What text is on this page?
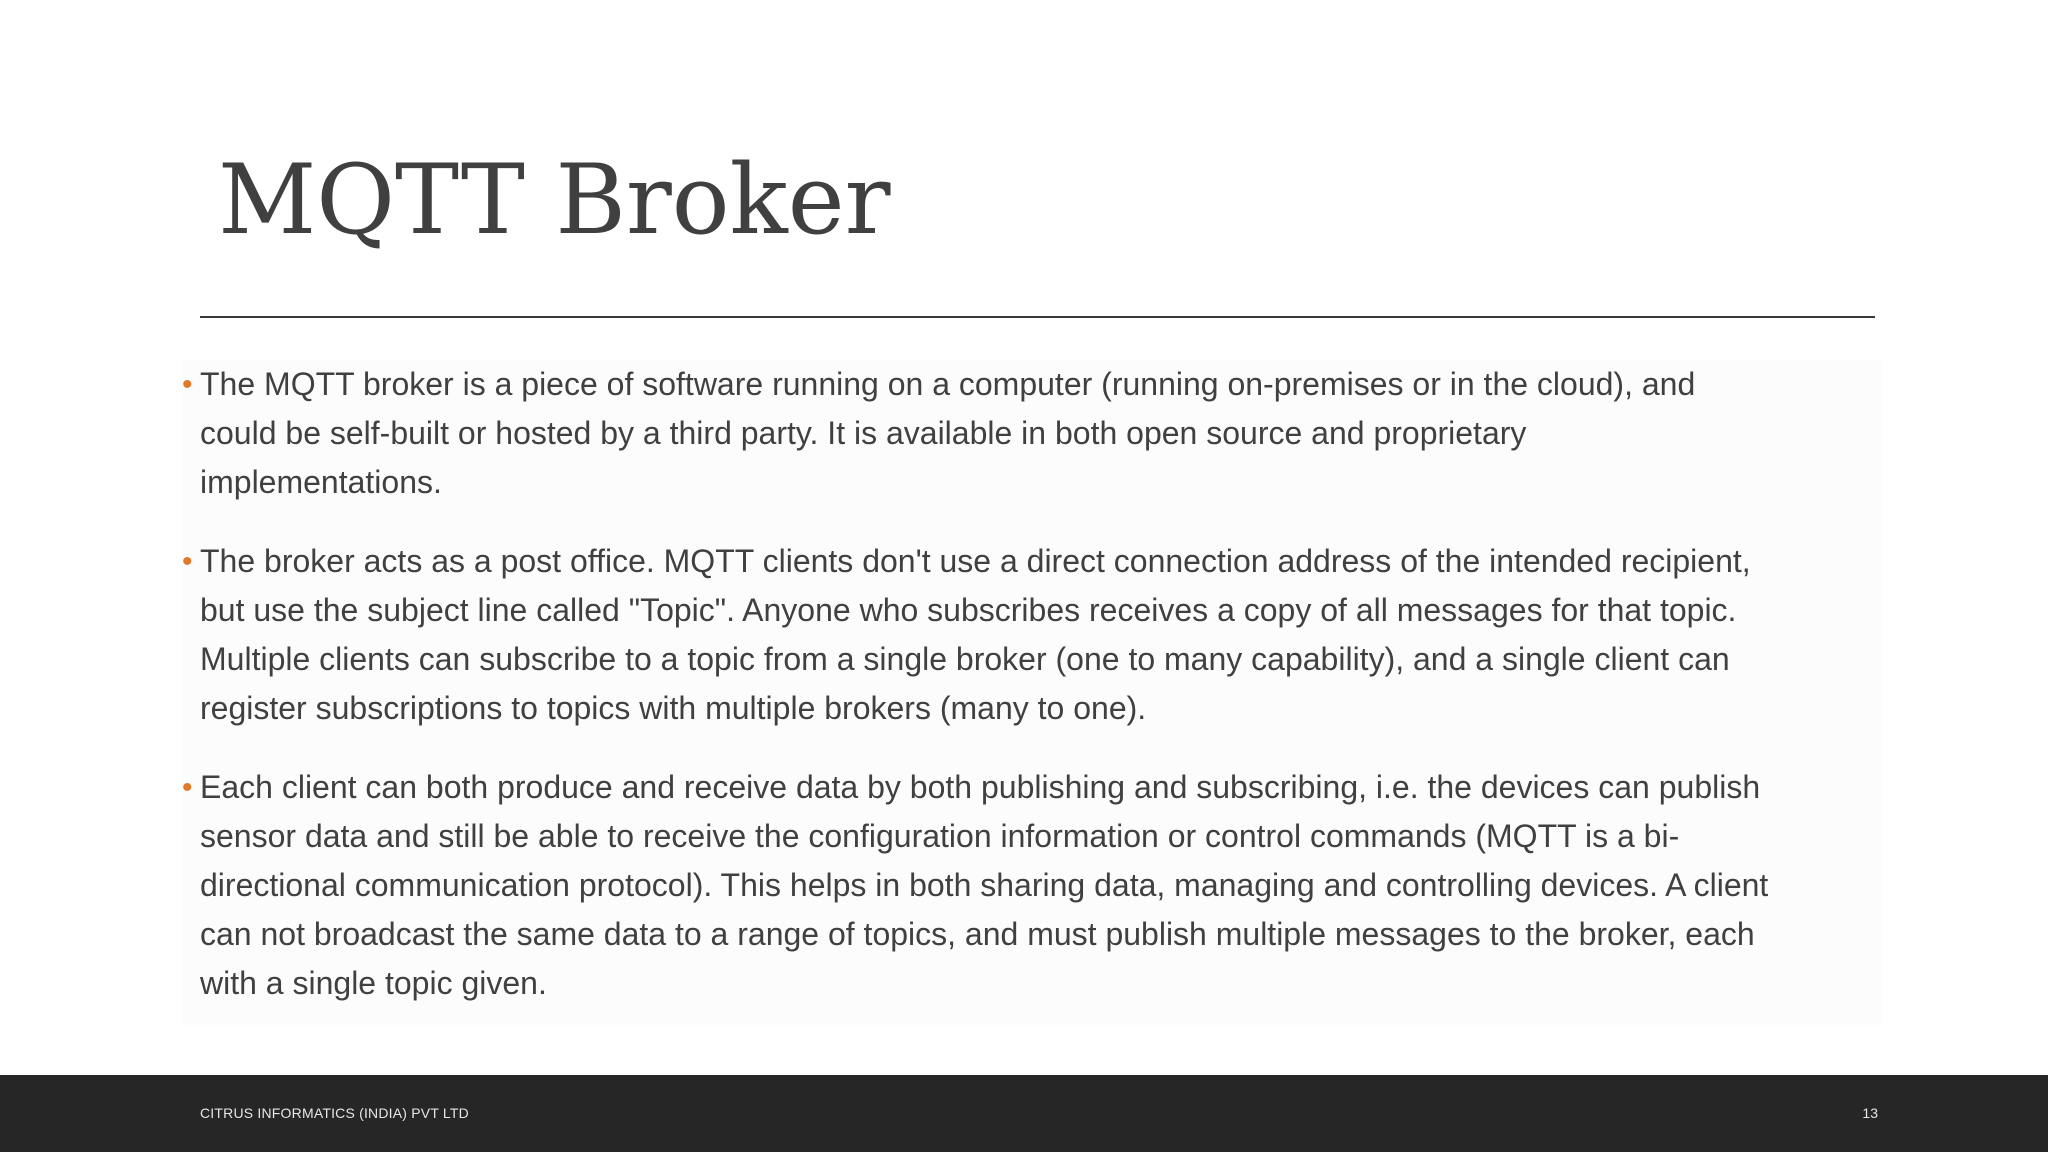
MQTT Broker
• The MQTT broker is a piece of software running on a computer (running on-premises or in the cloud), and
could be self-built or hosted by a third party. It is available in both open source and proprietary
implementations.
• The broker acts as a post office. MQTT clients don't use a direct connection address of the intended recipient,
but use the subject line called "Topic". Anyone who subscribes receives a copy of all messages for that topic.
Multiple clients can subscribe to a topic from a single broker (one to many capability), and a single client can
register subscriptions to topics with multiple brokers (many to one).
• Each client can both produce and receive data by both publishing and subscribing, i.e. the devices can publish
sensor data and still be able to receive the configuration information or control commands (MQTT is a bi-
directional communication protocol). This helps in both sharing data, managing and controlling devices. A client
can not broadcast the same data to a range of topics, and must publish multiple messages to the broker, each
with a single topic given.
CITRUS INFORMATICS (INDIA) PVT LTD	13
